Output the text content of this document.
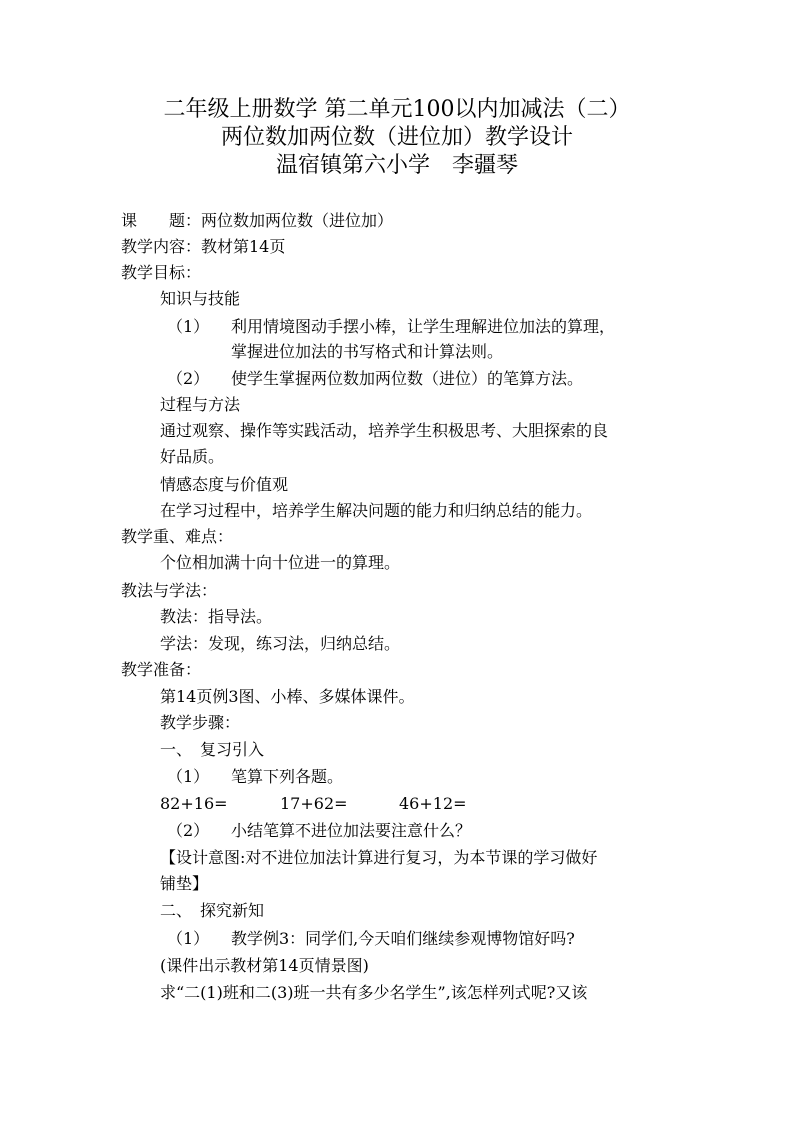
二年级上册数学 第二单元100以内加减法（二）
两位数加两位数（进位加）教学设计
温宿镇第六小学　李疆琴
课　　题：两位数加两位数（进位加）
教学内容：教材第14页
教学目标：
知识与技能
（1） 利用情境图动手摆小棒，让学生理解进位加法的算理，
掌握进位加法的书写格式和计算法则。
（2） 使学生掌握两位数加两位数（进位）的笔算方法。
过程与方法
通过观察、操作等实践活动，培养学生积极思考、大胆探索的良
好品质。
情感态度与价值观
在学习过程中，培养学生解决问题的能力和归纳总结的能力。
教学重、难点：
个位相加满十向十位进一的算理。
教法与学法：
教法：指导法。
学法：发现，练习法，归纳总结。
教学准备：
第14页例3图、小棒、多媒体课件。
教学步骤：
一、　复习引入
（1） 笔算下列各题。
82+16=	17+62=	46+12=
（2） 小结笔算不进位加法要注意什么？
【设计意图:对不进位加法计算进行复习，为本节课的学习做好
铺垫】
二、　探究新知
（1） 教学例3：同学们,今天咱们继续参观博物馆好吗?
(课件出示教材第14页情景图)
求“二(1)班和二(3)班一共有多少名学生”,该怎样列式呢?又该
